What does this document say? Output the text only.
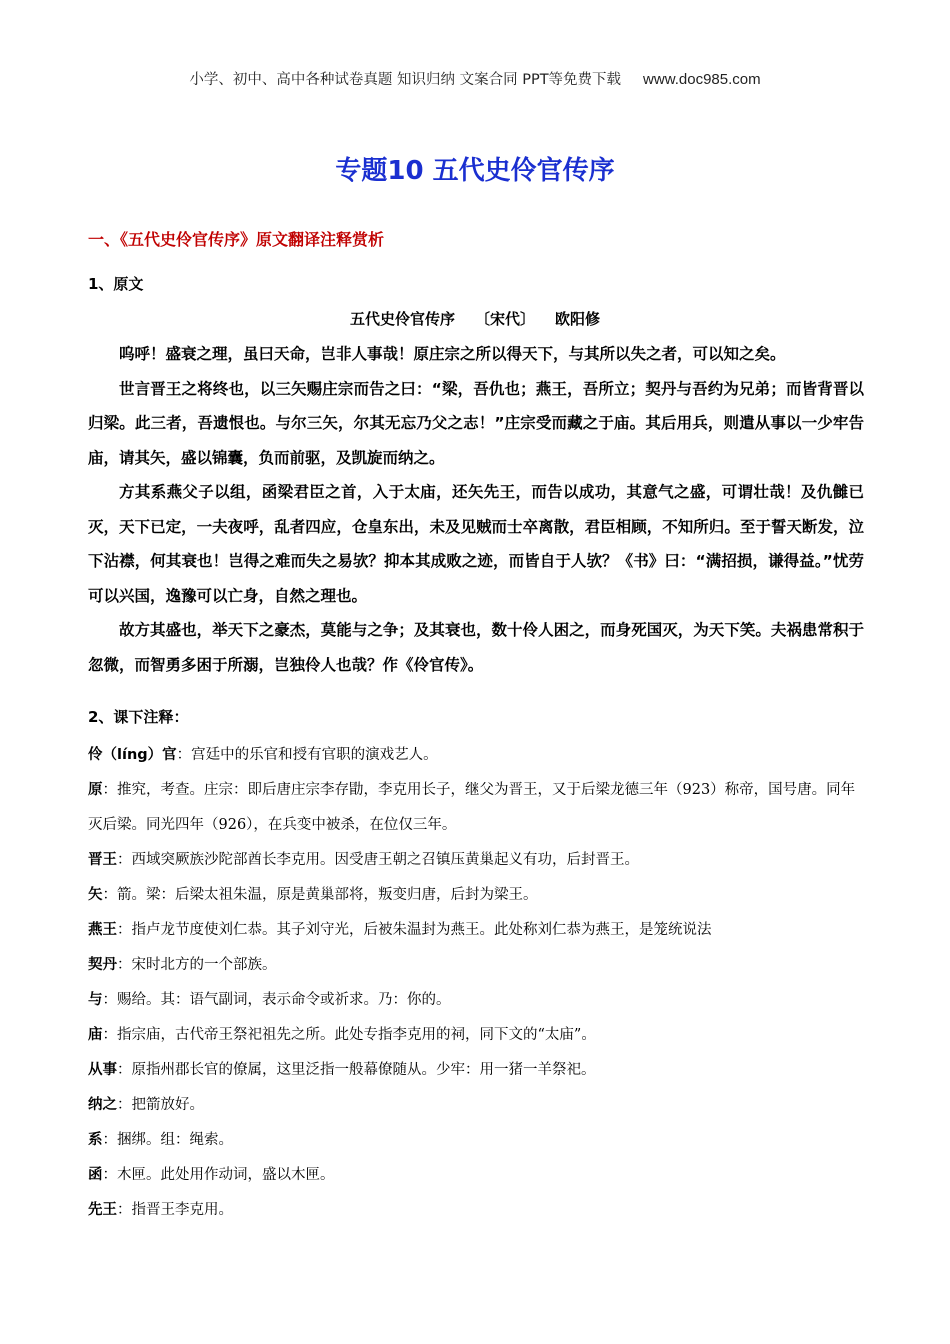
小学、初中、高中各种试卷真题 知识归纳 文案合同 PPT等免费下载 www.doc985.com
专题10 五代史伶官传序
一、《五代史伶官传序》原文翻译注释赏析
1、原文
五代史伶官传序 〔宋代〕 欧阳修

呜呼！盛衰之理，虽曰天命，岂非人事哉！原庄宗之所以得天下，与其所以失之者，可以知之矣。

世言晋王之将终也，以三矢赐庄宗而告之曰：“梁，吾仇也；燕王，吾所立；契丹与吾约为兄弟；而皆背晋以归梁。此三者，吾遗恨也。与尔三矢，尔其无忘乃父之志！”庄宗受而藏之于庙。其后用兵，则遣从事以一少牢告庙，请其矢，盛以锦囊，负而前驱，及凯旋而纳之。

方其系燕父子以组，函梁君臣之首，入于太庙，还矢先王，而告以成功，其意气之盛，可谓壮哉！及仇雠已灭，天下已定，一夫夜呼，乱者四应，仓皇东出，未及见贼而士卒离散，君臣相顾，不知所归。至于誓天断发，泣下沾襟，何其衰也！岂得之难而失之易欤？抑本其成败之迹，而皆自于人欤？《书》曰：“满招损，谦得益。”忧劳可以兴国，逸豫可以亡身，自然之理也。

故方其盛也，举天下之豪杰，莫能与之争；及其衰也，数十伶人困之，而身死国灭，为天下笑。夫祸患常积于忽微，而智勇多困于所溺，岂独伶人也哉？作《伶官传》。

2、课下注释：

伶（líng）官：宫廷中的乐官和授有官职的演戏艺人。

原：推究，考查。庄宗：即后唐庄宗李存勖，李克用长子，继父为晋王，又于后梁龙德三年（923）称帝，国号唐。同年灭后梁。同光四年（926），在兵变中被杀，在位仅三年。

晋王：西域突厥族沙陀部酋长李克用。因受唐王朝之召镇压黄巢起义有功，后封晋王。

矢：箭。梁：后梁太祖朱温，原是黄巢部将，叛变归唐，后封为梁王。

燕王：指卢龙节度使刘仁恭。其子刘守光，后被朱温封为燕王。此处称刘仁恭为燕王，是笼统说法

契丹：宋时北方的一个部族。

与：赐给。其：语气副词，表示命令或祈求。乃：你的。

庙：指宗庙，古代帝王祭祀祖先之所。此处专指李克用的祠，同下文的“太庙”。

从事：原指州郡长官的僚属，这里泛指一般幕僚随从。少牢：用一猪一羊祭祀。

纳之：把箭放好。

系：捆绑。组：绳索。

函：木匣。此处用作动词，盛以木匣。

先王：指晋王李克用。
